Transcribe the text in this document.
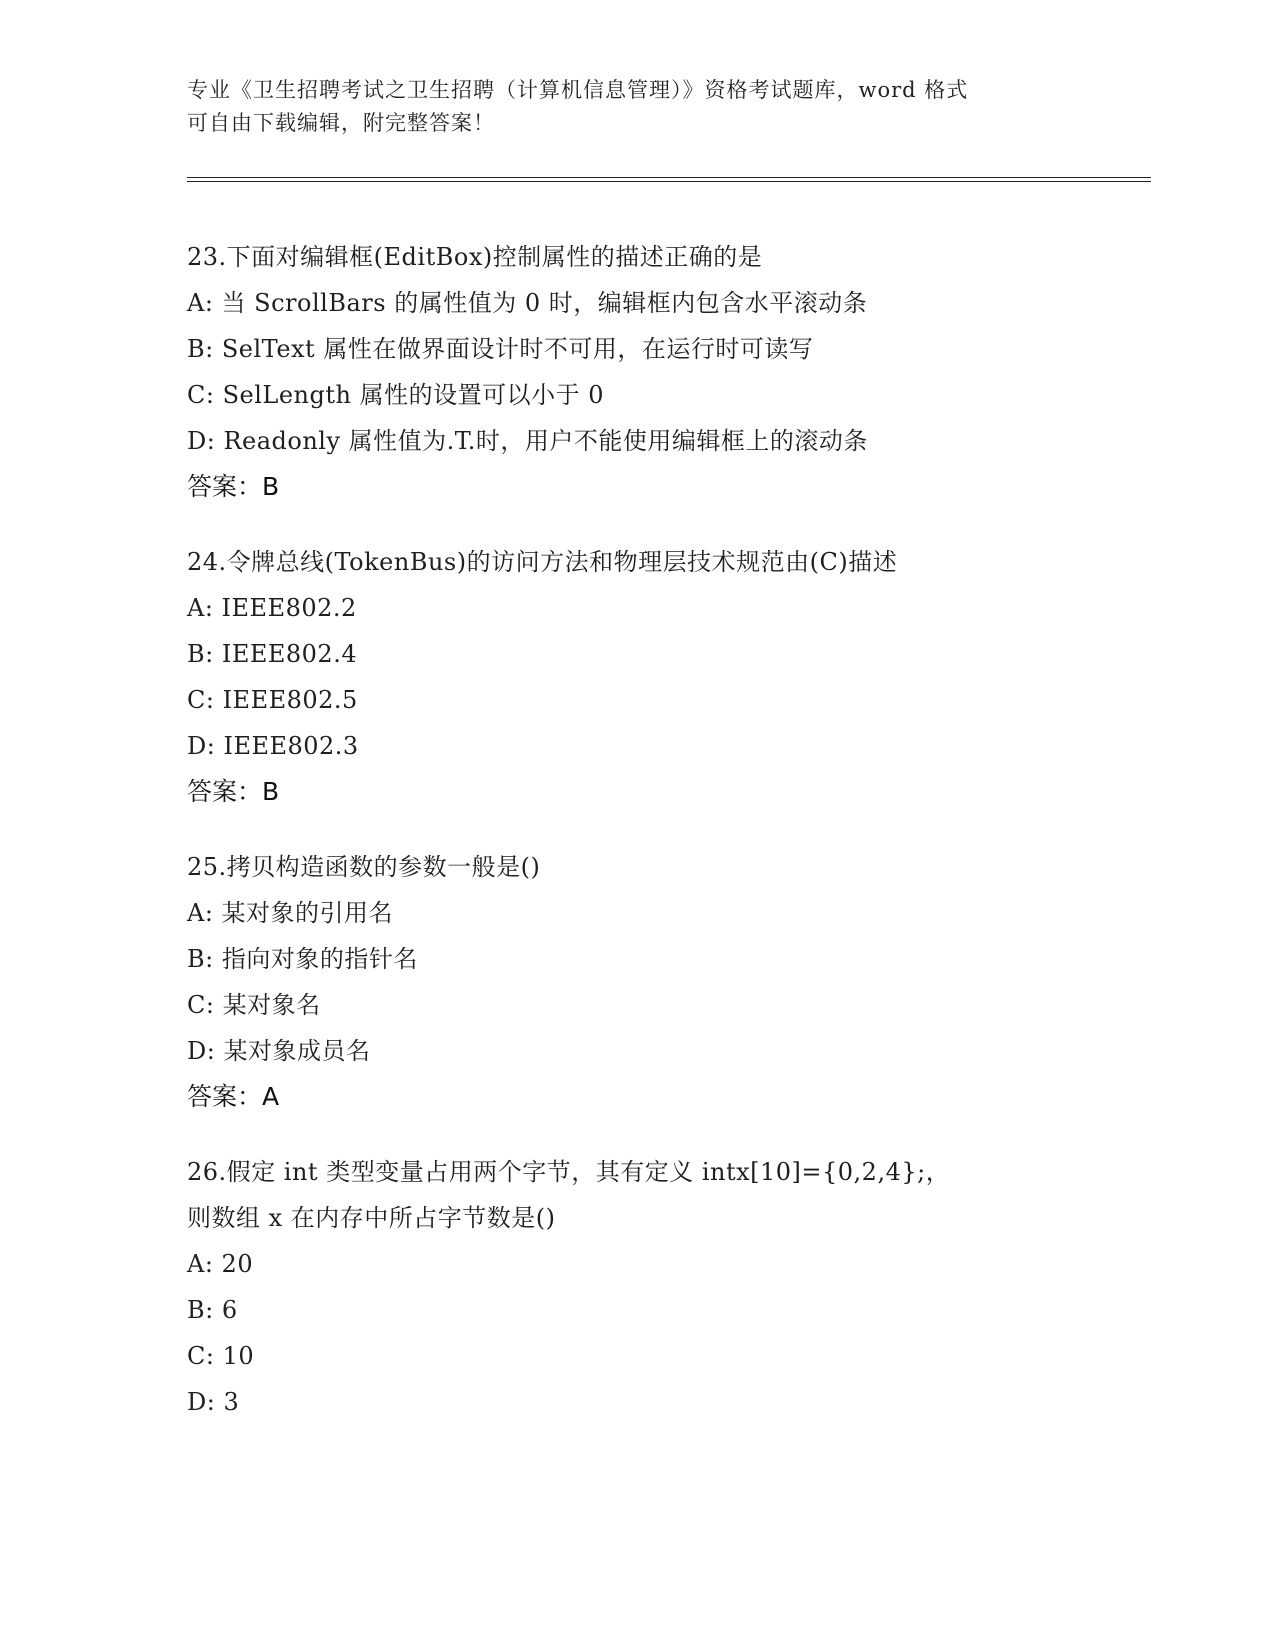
专业《卫生招聘考试之卫生招聘（计算机信息管理）》资格考试题库，word 格式
可自由下载编辑，附完整答案！
23.下面对编辑框(EditBox)控制属性的描述正确的是
A: 当 ScrollBars 的属性值为 0 时，编辑框内包含水平滚动条
B: SelText 属性在做界面设计时不可用，在运行时可读写
C: SelLength 属性的设置可以小于 0
D: Readonly 属性值为.T.时，用户不能使用编辑框上的滚动条
答案：B
24.令牌总线(TokenBus)的访问方法和物理层技术规范由(C)描述
A: IEEE802.2
B: IEEE802.4
C: IEEE802.5
D: IEEE802.3
答案：B
25.拷贝构造函数的参数一般是()
A: 某对象的引用名
B: 指向对象的指针名
C: 某对象名
D: 某对象成员名
答案：A
26.假定 int 类型变量占用两个字节，其有定义 intx[10]={0,2,4};，
则数组 x 在内存中所占字节数是()
A: 20
B: 6
C: 10
D: 3
